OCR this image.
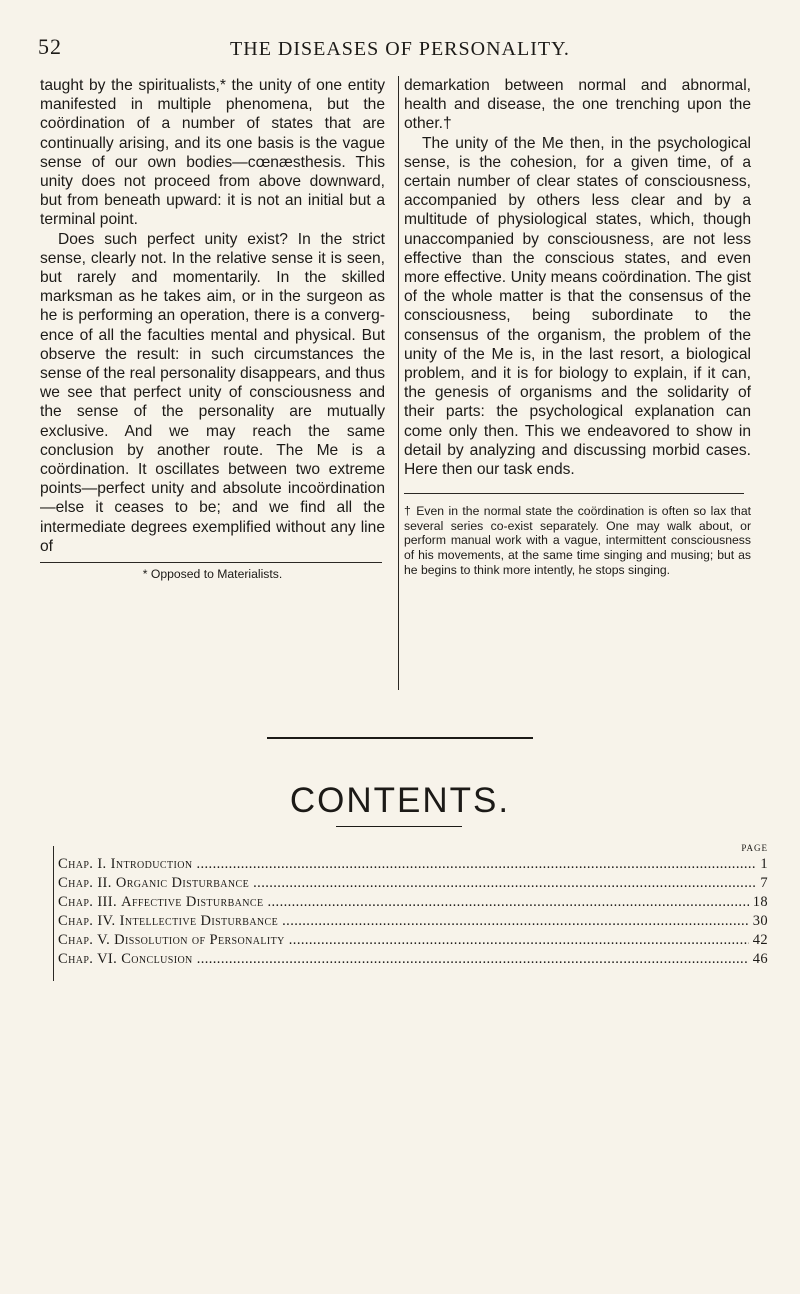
52	THE DISEASES OF PERSONALITY.

taught by the spiritualists,* the unity of one entity manifested in multiple phenomena, but the coördination of a number of states that are continually arising, and its one basis is the vague sense of our own bodies—cœnæsthesis. This unity does not proceed from above downward, but from beneath upward: it is not an initial but a terminal point.

Does such perfect unity exist? In the strict sense, clearly not. In the relative sense it is seen, but rarely and momentarily. In the skilled marksman as he takes aim, or in the surgeon as he is performing an operation, there is a converg-ence of all the faculties mental and physical. But observe the result: in such circumstances the sense of the real personality disappears, and thus we see that perfect unity of consciousness and the sense of the personality are mutually exclusive. And we may reach the same conclusion by another route. The Me is a coördination. It oscillates between two extreme points—perfect unity and absolute incoördination—else it ceases to be; and we find all the intermediate degrees exemplified without any line of

* Opposed to Materialists.

demarkation between normal and abnormal, health and disease, the one trenching upon the other.†

The unity of the Me then, in the psychological sense, is the cohesion, for a given time, of a certain number of clear states of consciousness, accompanied by others less clear and by a multitude of physiological states, which, though unaccompanied by consciousness, are not less effective than the conscious states, and even more effective. Unity means coördination. The gist of the whole matter is that the consensus of the consciousness, being subordinate to the consensus of the organism, the problem of the unity of the Me is, in the last resort, a biological problem, and it is for biology to explain, if it can, the genesis of organisms and the solidarity of their parts: the psychological explanation can come only then. This we endeavored to show in detail by analyzing and discussing morbid cases. Here then our task ends.

† Even in the normal state the coördination is often so lax that several series co-exist separately. One may walk about, or perform manual work with a vague, intermittent consciousness of his movements, at the same time singing and musing; but as he begins to think more intently, he stops singing.
CONTENTS.
PAGE
Chap. I. Introduction .....	1
Chap. II. Organic Disturbance .....	7
Chap. III. Affective Disturbance .....	18
Chap. IV. Intellective Disturbance .....	30
Chap. V. Dissolution of Personality .....	42
Chap. VI. Conclusion .....	46
